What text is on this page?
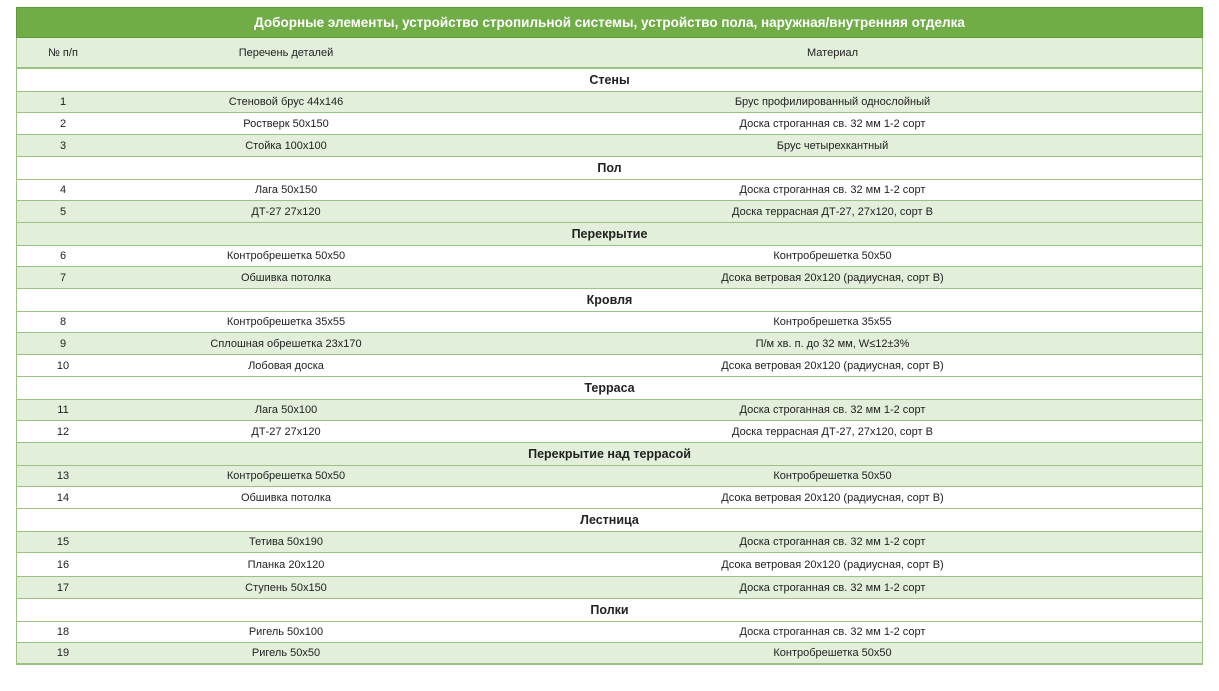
Доборные элементы, устройство стропильной системы, устройство пола, наружная/внутренняя отделка
№ п/п	Перечень деталей	Материал
Стены
1	Стеновой брус 44х146	Брус профилированный однослойный
2	Ростверк 50х150	Доска строганная св. 32 мм 1-2 сорт
3	Стойка 100х100	Брус четырехкантный
Пол
4	Лага 50х150	Доска строганная св. 32 мм 1-2 сорт
5	ДТ-27 27х120	Доска террасная ДТ-27, 27х120, сорт В
Перекрытие
6	Контробрешетка 50х50	Контробрешетка 50х50
7	Обшивка потолка	Дсока ветровая 20х120 (радиусная, сорт В)
Кровля
8	Контробрешетка 35х55	Контробрешетка 35х55
9	Сплошная обрешетка 23х170	П/м хв. п. до 32 мм, W≤12±3%
10	Лобовая доска	Дсока ветровая 20х120 (радиусная, сорт В)
Терраса
11	Лага 50х100	Доска строганная св. 32 мм 1-2 сорт
12	ДТ-27 27х120	Доска террасная ДТ-27, 27х120, сорт В
Перекрытие над террасой
13	Контробрешетка 50х50	Контробрешетка 50х50
14	Обшивка потолка	Дсока ветровая 20х120 (радиусная, сорт В)
Лестница
15	Тетива 50х190	Доска строганная св. 32 мм 1-2 сорт
16	Планка 20х120	Дсока ветровая 20х120 (радиусная, сорт В)
17	Ступень 50х150	Доска строганная св. 32 мм 1-2 сорт
Полки
18	Ригель 50х100	Доска строганная св. 32 мм 1-2 сорт
19	Ригель 50х50	Контробрешетка 50х50
